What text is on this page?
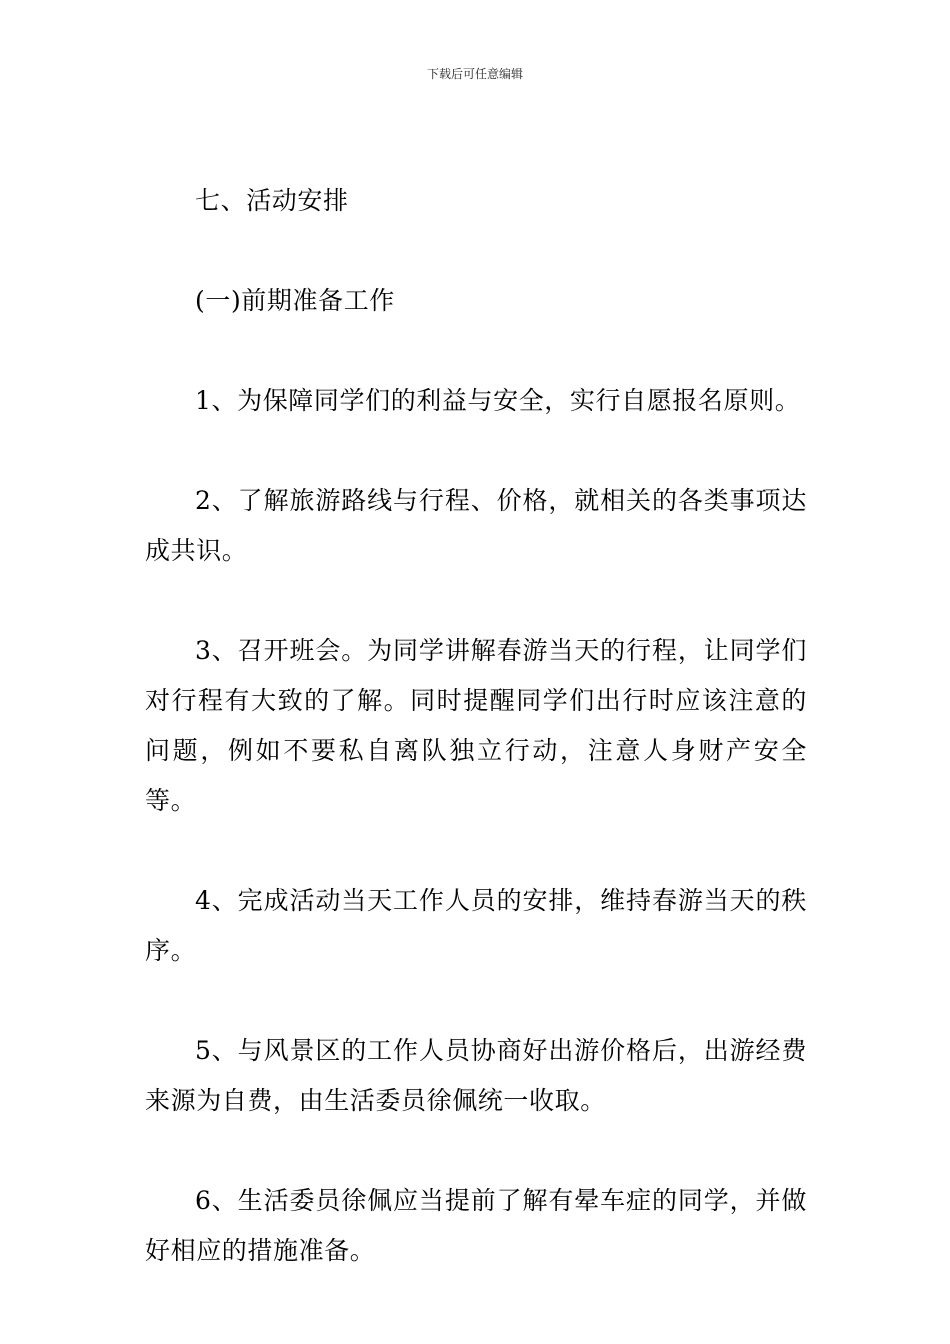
下载后可任意编辑

七、活动安排

(一)前期准备工作

1、为保障同学们的利益与安全，实行自愿报名原则。

2、了解旅游路线与行程、价格，就相关的各类事项达成共识。

3、召开班会。为同学讲解春游当天的行程，让同学们对行程有大致的了解。同时提醒同学们出行时应该注意的问题，例如不要私自离队独立行动，注意人身财产安全等。

4、完成活动当天工作人员的安排，维持春游当天的秩序。

5、与风景区的工作人员协商好出游价格后，出游经费来源为自费，由生活委员徐佩统一收取。

6、生活委员徐佩应当提前了解有晕车症的同学，并做好相应的措施准备。
